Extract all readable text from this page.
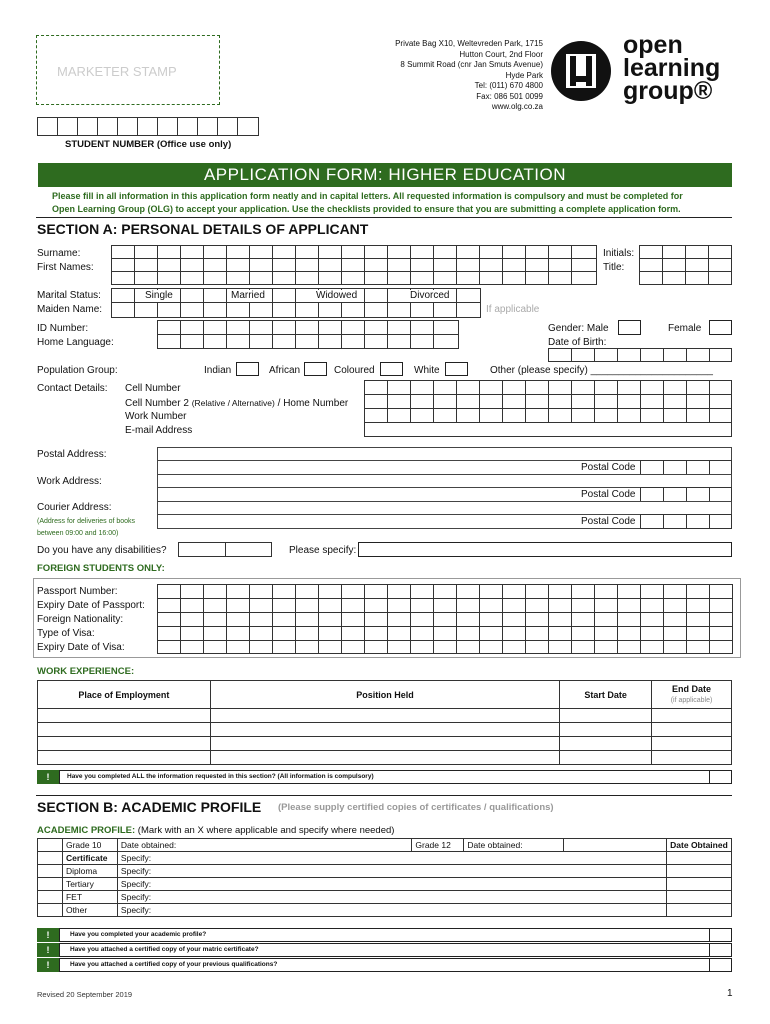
MARKETER STAMP
Private Bag X10, Weltevreden Park, 1715
Hutton Court, 2nd Floor
8 Summit Road (cnr Jan Smuts Avenue)
Hyde Park
Tel: (011) 670 4800
Fax: 086 501 0099
www.olg.co.za
open
learning
group®
STUDENT NUMBER (Office use only)
APPLICATION FORM: HIGHER EDUCATION
Please fill in all information in this application form neatly and in capital letters. All requested information is compulsory and must be completed for
Open Learning Group (OLG) to accept your application. Use the checklists provided to ensure that you are submitting a complete application form.
SECTION A: PERSONAL DETAILS OF APPLICANT
Surname:
First Names:
Initials:
Title:
Marital Status:
Maiden Name:
Single	Married	Widowed	Divorced
If applicable
ID Number:
Home Language:
Gender: Male	Female
Date of Birth:
Population Group:	Indian	African	Coloured	White	Other (please specify) ______________________
Contact Details: Cell Number
Cell Number 2 (Relative / Alternative) / Home Number
Work Number
E-mail Address
Postal Address:
Work Address:
Courier Address:
(Address for deliveries of books
between 09:00 and 16:00)
Postal Code
Postal Code
Postal Code
Do you have any disabilities?	Please specify:
FOREIGN STUDENTS ONLY:
Passport Number:
Expiry Date of Passport:
Foreign Nationality:
Type of Visa:
Expiry Date of Visa:
WORK EXPERIENCE:
Place of Employment	Position Held	Start Date	End Date
(if applicable)

!	Have you completed ALL the information requested in this section? (All information is compulsory)
SECTION B: ACADEMIC PROFILE (Please supply certified copies of certificates / qualifications)
ACADEMIC PROFILE: (Mark with an X where applicable and specify where needed)
	Grade 10	Date obtained:	Grade 12	Date obtained:		Date Obtained
	Certificate	Specify:				
	Diploma	Specify:				
	Tertiary	Specify:				
	FET	Specify:				
	Other	Specify:				
!	Have you completed your academic profile?
!	Have you attached a certified copy of your matric certificate?
!	Have you attached a certified copy of your previous qualifications?
Revised 20 September 2019	1
